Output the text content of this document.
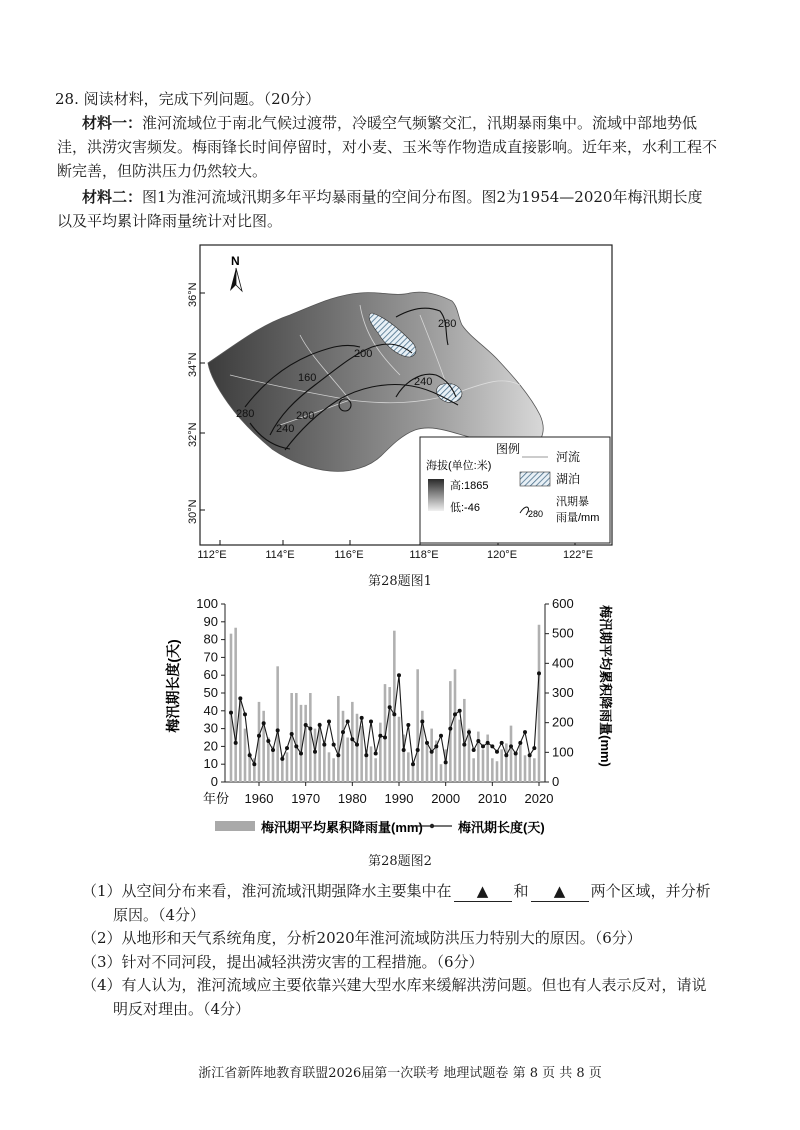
28. 阅读材料，完成下列问题。（20分）
材料一：淮河流域位于南北气候过渡带，冷暖空气频繁交汇，汛期暴雨集中。流域中部地势低
洼，洪涝灾害频发。梅雨锋长时间停留时，对小麦、玉米等作物造成直接影响。近年来，水利工程不
断完善，但防洪压力仍然较大。
材料二：图1为淮河流域汛期多年平均暴雨量的空间分布图。图2为1954—2020年梅汛期长度
以及平均累计降雨量统计对比图。
160
200
200
240
240
280
280
N
36°N
34°N
32°N
30°N
112°E	114°E	116°E	118°E	120°E	122°E
图例
海拔(单位:米)
高:1865
低:-46
河流
湖泊
280
汛期暴
雨量/mm
第28题图1
0
10
20
30
40
50
60
70
80
90
100
0
100
200
300
400
500
600
1960 1970 1980 1990 2000 2010 2020
梅汛期长度(天)	梅汛期平均累积降雨量(mm)
年份
梅汛期平均累积降雨量(mm)	梅汛期长度(天)
第28题图2
（1）从空间分布来看，淮河流域汛期强降水主要集中在 ▲ 和 ▲ 两个区域，并分析
原因。（4分）
（2）从地形和天气系统角度，分析2020年淮河流域防洪压力特别大的原因。（6分）
（3）针对不同河段，提出减轻洪涝灾害的工程措施。（6分）
（4）有人认为，淮河流域应主要依靠兴建大型水库来缓解洪涝问题。但也有人表示反对，请说
明反对理由。（4分）
浙江省新阵地教育联盟2026届第一次联考 地理试题卷 第 8 页 共 8 页
